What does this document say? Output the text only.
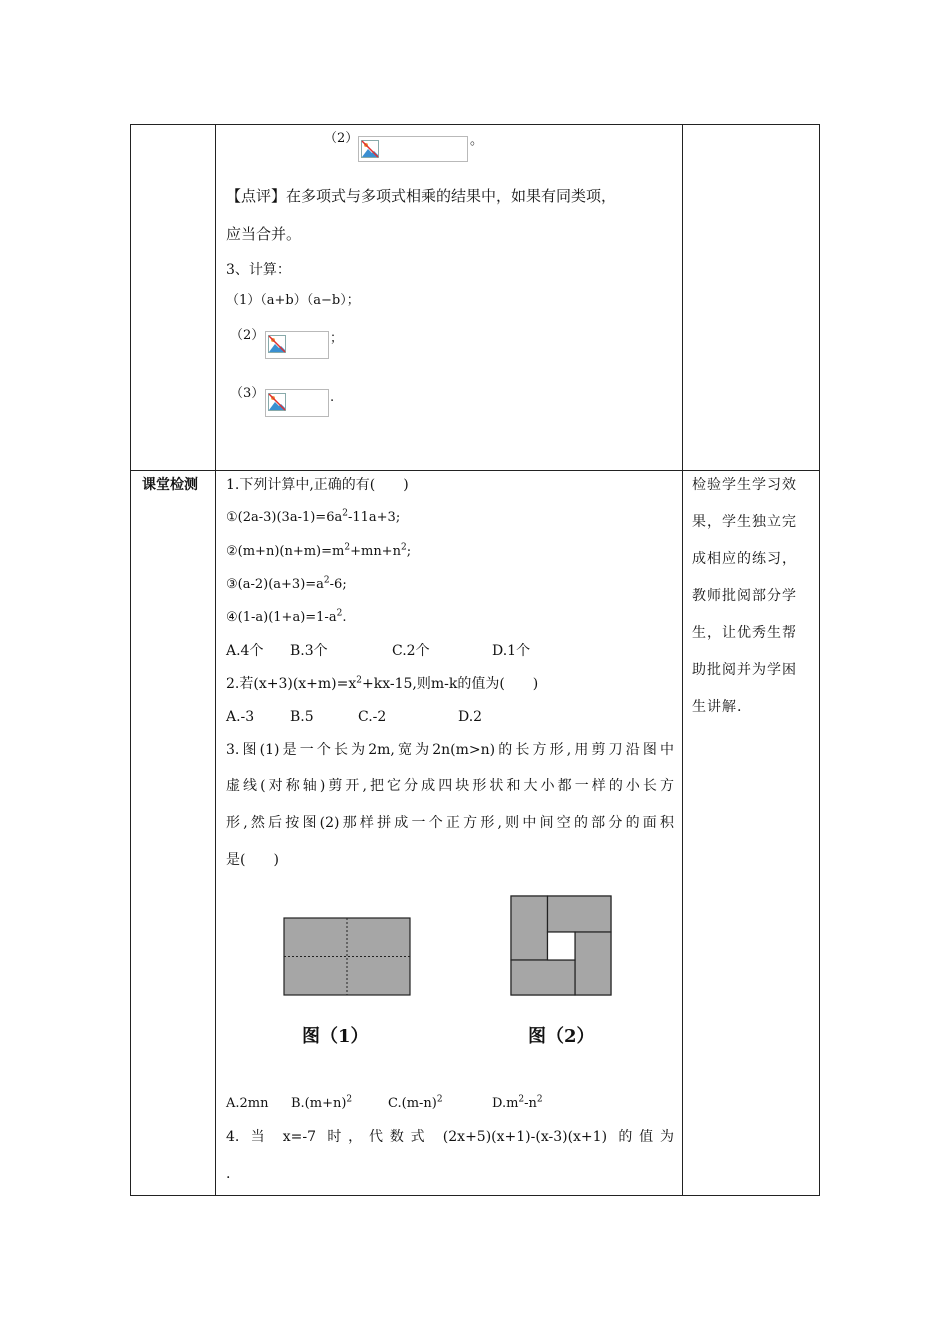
（2）	。
【点评】在多项式与多项式相乘的结果中，如果有同类项，
应当合并。
3、计算：
（1）（a+b）（a−b）；
（2）	；
（3）	.
课堂检测 1.下列计算中,正确的有(　　)
$①(2a-3)(3a-1)=6a^2-11a+3$;
$②(m+n)(n+m)=m^2+mn+n^2$;
$③(a-2)(a+3)=a^2-6$;
$④(1-a)(1+a)=1-a^2$.
A.4个 B.3个	C.2个	D.1个
2.若$(x+3)(x+m)=x^2+kx-15$,则m-k的值为(　　)
A.-3	B.5	C.-2	D.2
3.图(1)是一个长为2m,宽为2n(m>n)的长方形,用剪刀沿图中
虚线(对称轴)剪开,把它分成四块形状和大小都一样的小长方
形,然后按图(2)那样拼成一个正方形,则中间空的部分的面积
是(　　)
图（1）	图（2）
A.2mn $B.(m+n)^2$	$C.(m-n)^2$	$D.m^2-n^2$
4. 当 x=-7 时，代数式 (2x+5)(x+1)-(x-3)(x+1) 的值为
.
检验学生学习效
果，学生独立完
成相应的练习，
教师批阅部分学
生，让优秀生帮
助批阅并为学困
生讲解.
